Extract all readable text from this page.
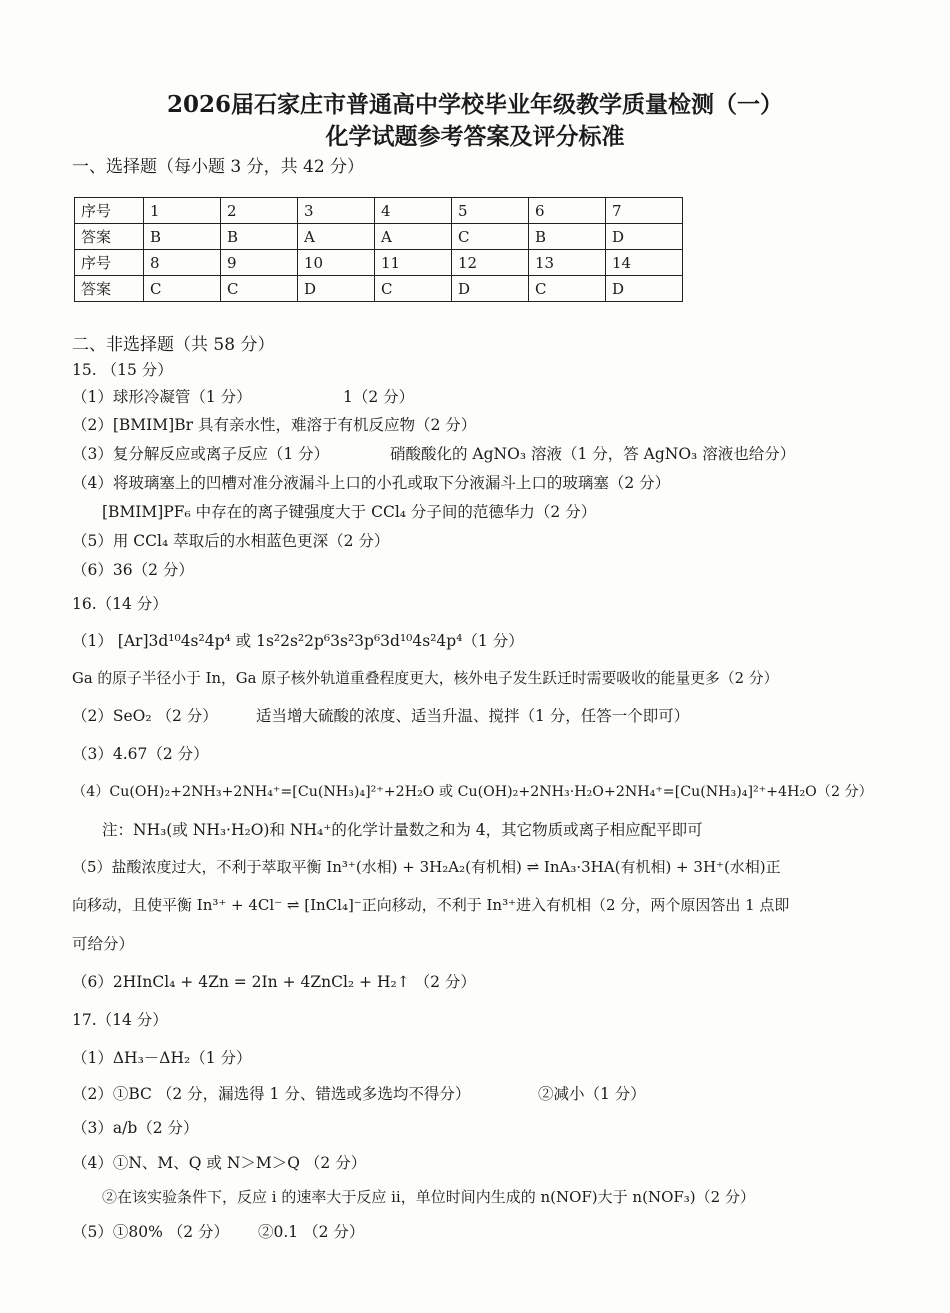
2026届石家庄市普通高中学校毕业年级教学质量检测（一）
化学试题参考答案及评分标准
一、选择题（每小题 3 分，共 42 分）
序号	1	2	3	4	5	6	7
答案	B	B	A	A	C	B	D
序号	8	9	10	11	12	13	14
答案	C	C	D	C	D	C	D
二、非选择题（共 58 分）
15. （15 分）
（1）球形冷凝管（1 分）	1（2 分）
（2）[BMIM]Br 具有亲水性，难溶于有机反应物（2 分）
（3）复分解反应或离子反应（1 分）	硝酸酸化的 AgNO₃ 溶液（1 分，答 AgNO₃ 溶液也给分）
（4）将玻璃塞上的凹槽对准分液漏斗上口的小孔或取下分液漏斗上口的玻璃塞（2 分）
[BMIM]PF₆ 中存在的离子键强度大于 CCl₄ 分子间的范德华力（2 分）
（5）用 CCl₄ 萃取后的水相蓝色更深（2 分）
（6）36（2 分）
16.（14 分）
（1） [Ar]3d¹⁰4s²4p⁴ 或 1s²2s²2p⁶3s²3p⁶3d¹⁰4s²4p⁴（1 分）
Ga 的原子半径小于 In，Ga 原子核外轨道重叠程度更大，核外电子发生跃迁时需要吸收的能量更多（2 分）
（2）SeO₂ （2 分） 适当增大硫酸的浓度、适当升温、搅拌（1 分，任答一个即可）
（3）4.67（2 分）
（4）Cu(OH)₂+2NH₃+2NH₄⁺=[Cu(NH₃)₄]²⁺+2H₂O 或 Cu(OH)₂+2NH₃·H₂O+2NH₄⁺=[Cu(NH₃)₄]²⁺+4H₂O（2 分）
注：NH₃(或 NH₃·H₂O)和 NH₄⁺的化学计量数之和为 4，其它物质或离子相应配平即可
（5）盐酸浓度过大，不利于萃取平衡 In³⁺(水相) + 3H₂A₂(有机相) ⇌ InA₃·3HA(有机相) + 3H⁺(水相)正
向移动，且使平衡 In³⁺ + 4Cl⁻ ⇌ [InCl₄]⁻正向移动，不利于 In³⁺进入有机相（2 分，两个原因答出 1 点即
可给分）
（6）2HInCl₄ + 4Zn = 2In + 4ZnCl₂ + H₂↑ （2 分）
17.（14 分）
（1）ΔH₃－ΔH₂（1 分）
（2）①BC （2 分，漏选得 1 分、错选或多选均不得分）	②减小（1 分）
（3）a/b（2 分）
（4）①N、M、Q 或 N＞M＞Q （2 分）
②在该实验条件下，反应 i 的速率大于反应 ii，单位时间内生成的 n(NOF)大于 n(NOF₃)（2 分）
（5）①80% （2 分） ②0.1 （2 分）
